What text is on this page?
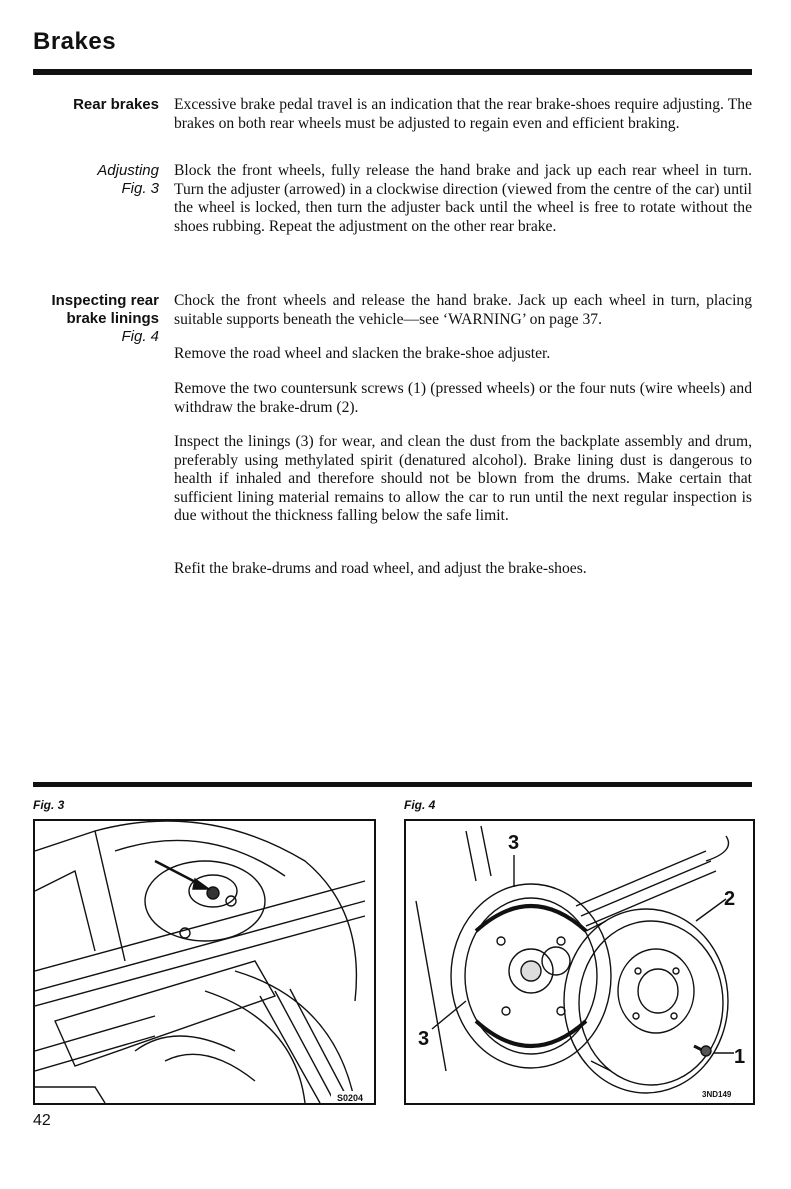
Brakes
Rear brakes Excessive brake pedal travel is an indication that the rear brake-shoes require adjusting. The brakes on both rear wheels must be adjusted to regain even and efficient braking.
Adjusting
Fig. 3
Block the front wheels, fully release the hand brake and jack up each rear wheel in turn. Turn the adjuster (arrowed) in a clockwise direction (viewed from the centre of the car) until the wheel is locked, then turn the adjuster back until the wheel is free to rotate without the shoes rubbing. Repeat the adjustment on the other rear brake.
Inspecting rear
brake linings
Fig. 4
Chock the front wheels and release the hand brake. Jack up each wheel in turn, placing suitable supports beneath the vehicle—see ‘WARNING’ on page 37.
Remove the road wheel and slacken the brake-shoe adjuster.
Remove the two countersunk screws (1) (pressed wheels) or the four nuts (wire wheels) and withdraw the brake-drum (2).
Inspect the linings (3) for wear, and clean the dust from the backplate assembly and drum, preferably using methylated spirit (denatured alcohol). Brake lining dust is dangerous to health if inhaled and therefore should not be blown from the drums. Make certain that sufficient lining material remains to allow the car to run until the next regular inspection is due without the thickness falling below the safe limit.
Refit the brake-drums and road wheel, and adjust the brake-shoes.
Fig. 3
S0204
Fig. 4
3
2
3
1
3ND149
42
